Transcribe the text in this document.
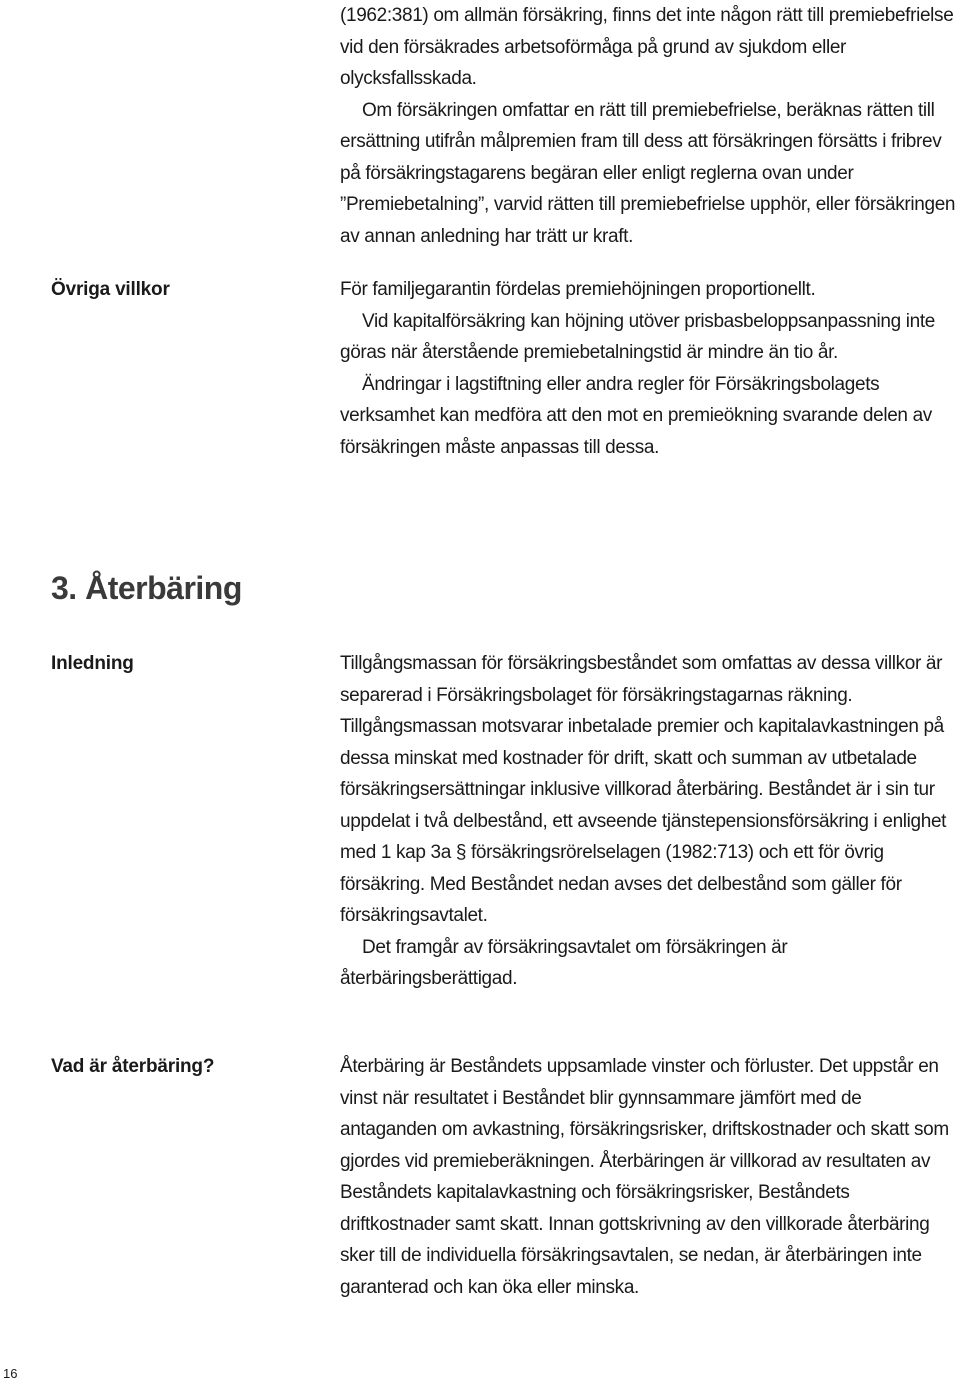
(1962:381) om allmän försäkring, finns det inte någon rätt till premiebefrielse vid den försäkrades arbetsoförmåga på grund av sjukdom eller olycksfallsskada.

Om försäkringen omfattar en rätt till premiebefrielse, beräknas rätten till ersättning utifrån målpremien fram till dess att försäkringen försätts i fribrev på försäkringstagarens begäran eller enligt reglerna ovan under ”Premiebetalning”, varvid rätten till premiebefrielse upphör, eller försäkringen av annan anledning har trätt ur kraft.

Övriga villkor	För familjegarantin fördelas premiehöjningen proportionellt.

Vid kapitalförsäkring kan höjning utöver prisbasbeloppsanpassning inte göras när återstående premiebetalningstid är mindre än tio år.

Ändringar i lagstiftning eller andra regler för Försäkringsbolagets verksamhet kan medföra att den mot en premieökning svarande delen av försäkringen måste anpassas till dessa.

3. Återbäring
Inledning	Tillgångsmassan för försäkringsbeståndet som omfattas av dessa villkor är separerad i Försäkringsbolaget för försäkringstagarnas räkning. Tillgångsmassan motsvarar inbetalade premier och kapitalavkastningen på dessa minskat med kostnader för drift, skatt och summan av utbetalade försäkringsersättningar inklusive villkorad återbäring. Beståndet är i sin tur uppdelat i två delbestånd, ett avseende tjänstepensionsförsäkring i enlighet med 1 kap 3a § försäkringsrörelselagen (1982:713) och ett för övrig försäkring. Med Beståndet nedan avses det delbestånd som gäller för försäkringsavtalet.

Det framgår av försäkringsavtalet om försäkringen är återbäringsberättigad.

Vad är återbäring?	Återbäring är Beståndets uppsamlade vinster och förluster. Det uppstår en vinst när resultatet i Beståndet blir gynnsammare jämfört med de antaganden om avkastning, försäkringsrisker, driftskostnader och skatt som gjordes vid premieberäkningen. Återbäringen är villkorad av resultaten av Beståndets kapitalavkastning och försäkringsrisker, Beståndets driftkostnader samt skatt. Innan gottskrivning av den villkorade återbäring sker till de individuella försäkringsavtalen, se nedan, är återbäringen inte garanterad och kan öka eller minska.

16
